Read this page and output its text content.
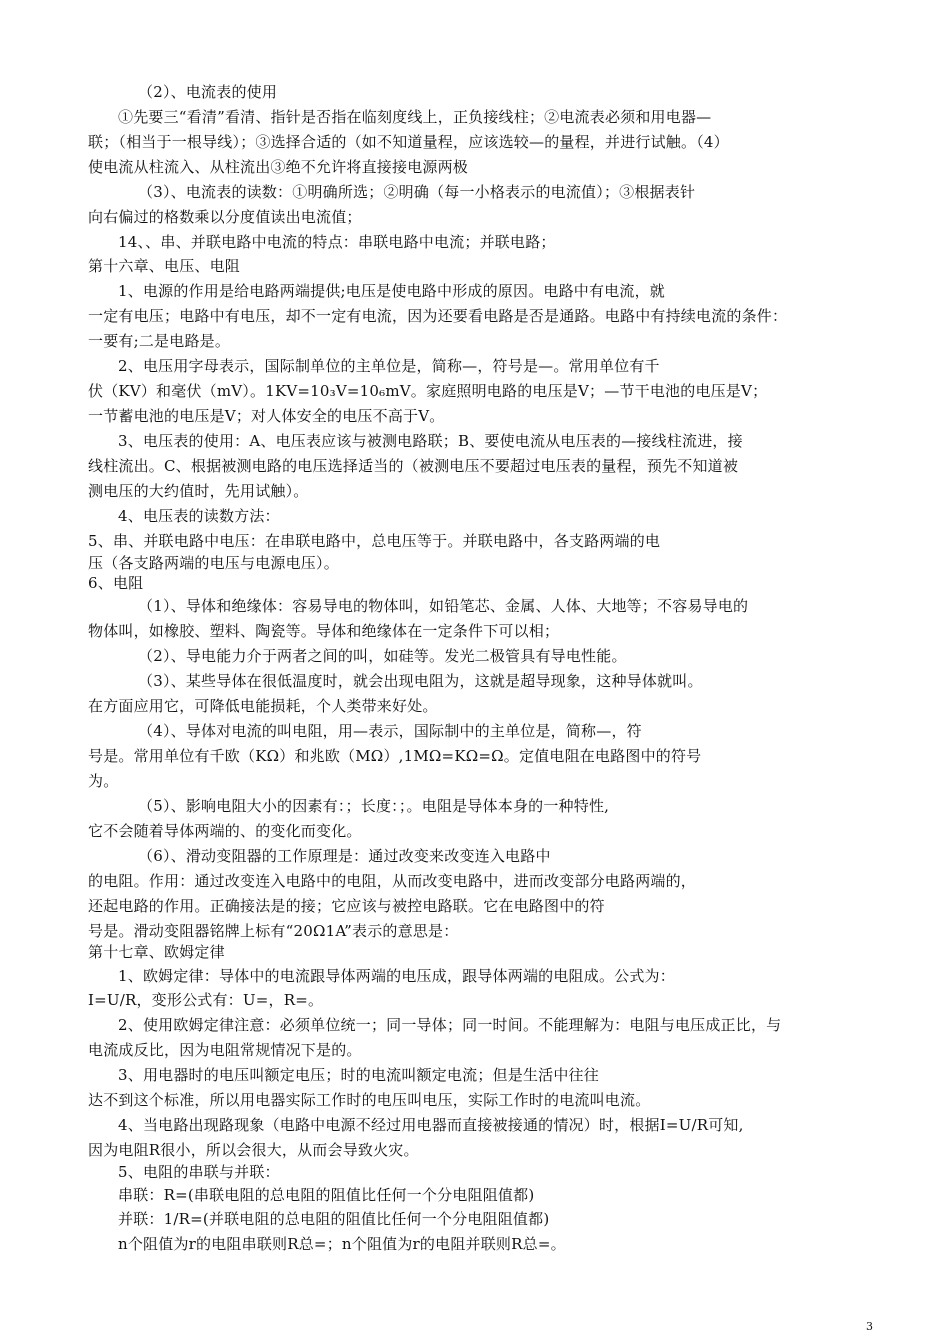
（2）、电流表的使用
①先要三“看清”看清、指针是否指在临刻度线上，正负接线柱；②电流表必须和用电器—
联；（相当于一根导线）；③选择合适的（如不知道量程，应该选较—的量程，并进行试触。（4）
使电流从柱流入、从柱流出③绝不允许将直接接电源两极
（3）、电流表的读数：①明确所选；②明确（每一小格表示的电流值）；③根据表针
向右偏过的格数乘以分度值读出电流值；
14、、串、并联电路中电流的特点：串联电路中电流；并联电路；
第十六章、电压、电阻
1、电源的作用是给电路两端提供;电压是使电路中形成的原因。电路中有电流，就
一定有电压；电路中有电压，却不一定有电流，因为还要看电路是否是通路。电路中有持续电流的条件：
一要有;二是电路是。
2、电压用字母表示，国际制单位的主单位是，简称—，符号是—。常用单位有千
伏（KV）和毫伏（mV）。1KV=10₃V=10₆mV。家庭照明电路的电压是V；—节干电池的电压是V；
一节蓄电池的电压是V；对人体安全的电压不高于V。
3、电压表的使用：A、电压表应该与被测电路联；B、要使电流从电压表的—接线柱流进，接
线柱流出。C、根据被测电路的电压选择适当的（被测电压不要超过电压表的量程，预先不知道被
测电压的大约值时，先用试触）。
4、电压表的读数方法：
5、串、并联电路中电压：在串联电路中，总电压等于。并联电路中，各支路两端的电
压（各支路两端的电压与电源电压）。
6、电阻
（1）、导体和绝缘体：容易导电的物体叫，如铅笔芯、金属、人体、大地等；不容易导电的
物体叫，如橡胶、塑料、陶瓷等。导体和绝缘体在一定条件下可以相；
（2）、导电能力介于两者之间的叫，如硅等。发光二极管具有导电性能。
（3）、某些导体在很低温度时，就会出现电阻为，这就是超导现象，这种导体就叫。
在方面应用它，可降低电能损耗，个人类带来好处。
（4）、导体对电流的叫电阻，用—表示，国际制中的主单位是，简称—，符
号是。常用单位有千欧（KΩ）和兆欧（MΩ）,1MΩ=KΩ=Ω。定值电阻在电路图中的符号
为。
（5）、影响电阻大小的因素有：；长度：；。电阻是导体本身的一种特性,
它不会随着导体两端的、的变化而变化。
（6）、滑动变阻器的工作原理是：通过改变来改变连入电路中
的电阻。作用：通过改变连入电路中的电阻，从而改变电路中，进而改变部分电路两端的，
还起电路的作用。正确接法是的接；它应该与被控电路联。它在电路图中的符
号是。滑动变阻器铭牌上标有“20Ω1A”表示的意思是：
第十七章、欧姆定律
1、欧姆定律：导体中的电流跟导体两端的电压成，跟导体两端的电阻成。公式为：
I=U/R，变形公式有：U=，R=。
2、使用欧姆定律注意：必须单位统一；同一导体；同一时间。不能理解为：电阻与电压成正比，与
电流成反比，因为电阻常规情况下是的。
3、用电器时的电压叫额定电压；时的电流叫额定电流；但是生活中往往
达不到这个标准，所以用电器实际工作时的电压叫电压，实际工作时的电流叫电流。
4、当电路出现路现象（电路中电源不经过用电器而直接被接通的情况）时，根据I=U/R可知,
因为电阻R很小，所以会很大，从而会导致火灾。
5、电阻的串联与并联：
串联：R=(串联电阻的总电阻的阻值比任何一个分电阻阻值都)
并联：1/R=(并联电阻的总电阻的阻值比任何一个分电阻阻值都)
n个阻值为r的电阻串联则R总=；n个阻值为r的电阻并联则R总=。
3
